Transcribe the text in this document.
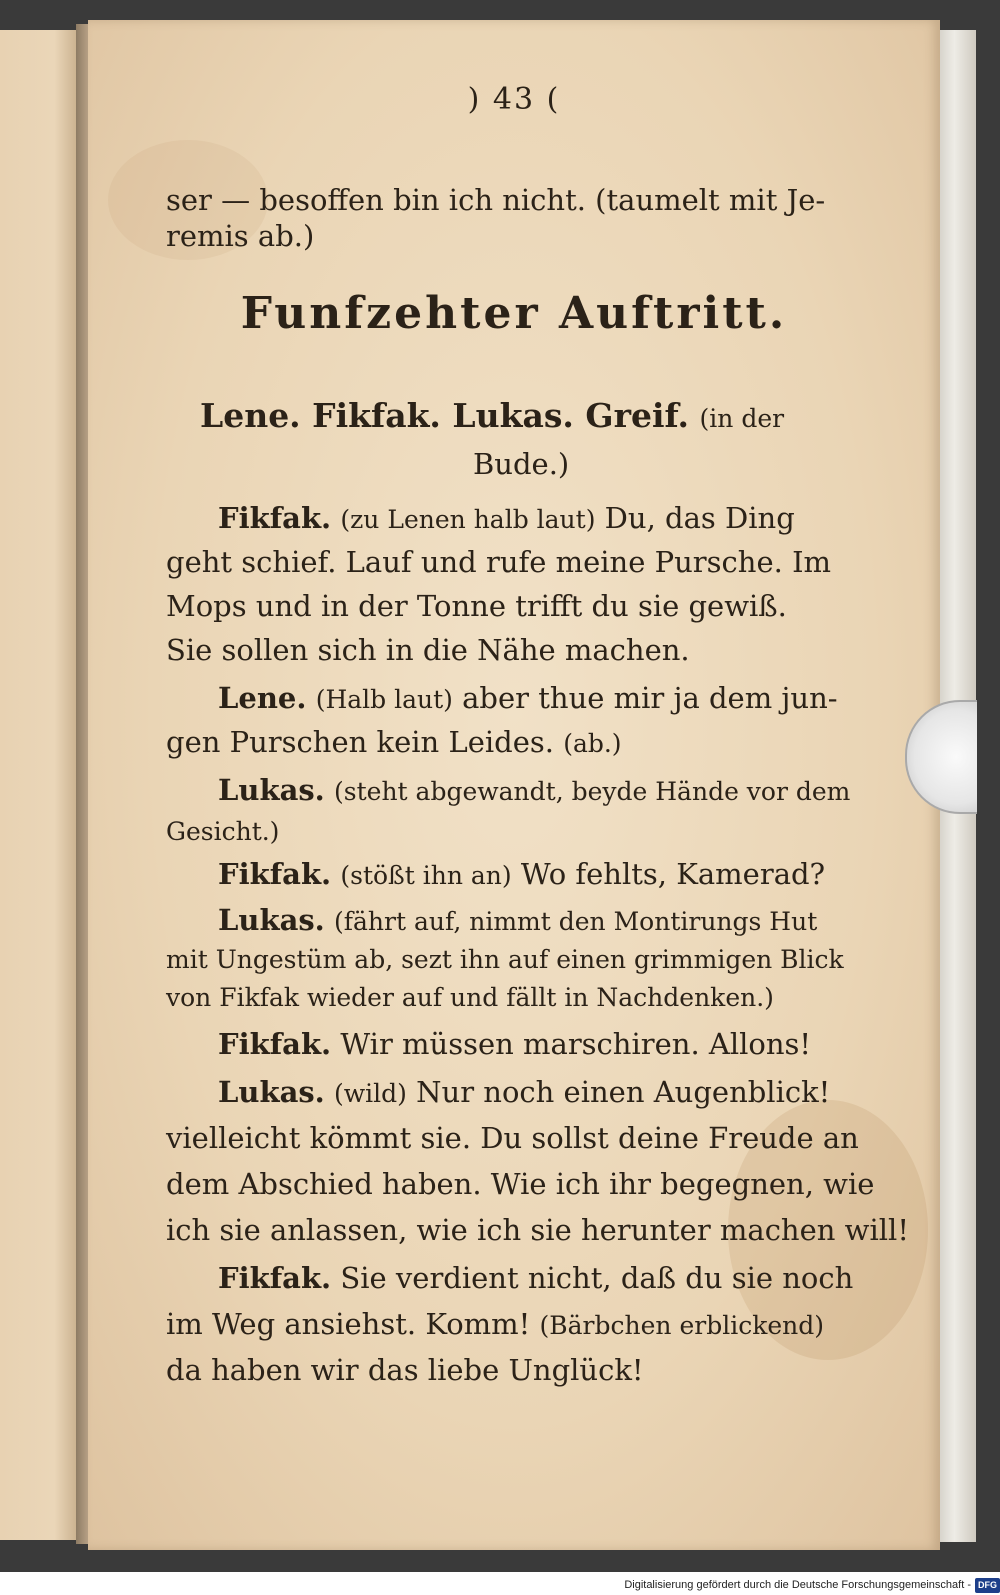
) 43 (
ser — besoffen bin ich nicht. (taumelt mit Je-
remis ab.)
Funfzehter Auftritt.
Lene. Fikfak. Lukas. Greif. (in der
Bude.)
Fikfak. (zu Lenen halb laut) Du, das Ding
geht schief. Lauf und rufe meine Pursche. Im
Mops und in der Tonne trifft du sie gewiß.
Sie sollen sich in die Nähe machen.
Lene. (Halb laut) aber thue mir ja dem jun-
gen Purschen kein Leides. (ab.)
Lukas. (steht abgewandt, beyde Hände vor dem
Gesicht.)
Fikfak. (stößt ihn an) Wo fehlts, Kamerad?
Lukas. (fährt auf, nimmt den Montirungs Hut
mit Ungestüm ab, sezt ihn auf einen grimmigen Blick
von Fikfak wieder auf und fällt in Nachdenken.)
Fikfak. Wir müssen marschiren. Allons!
Lukas. (wild) Nur noch einen Augenblick!
vielleicht kömmt sie. Du sollst deine Freude an
dem Abschied haben. Wie ich ihr begegnen, wie
ich sie anlassen, wie ich sie herunter machen will!
Fikfak. Sie verdient nicht, daß du sie noch
im Weg ansiehst. Komm! (Bärbchen erblickend)
da haben wir das liebe Unglück!
Digitalisierung gefördert durch die Deutsche Forschungsgemeinschaft - DFG
